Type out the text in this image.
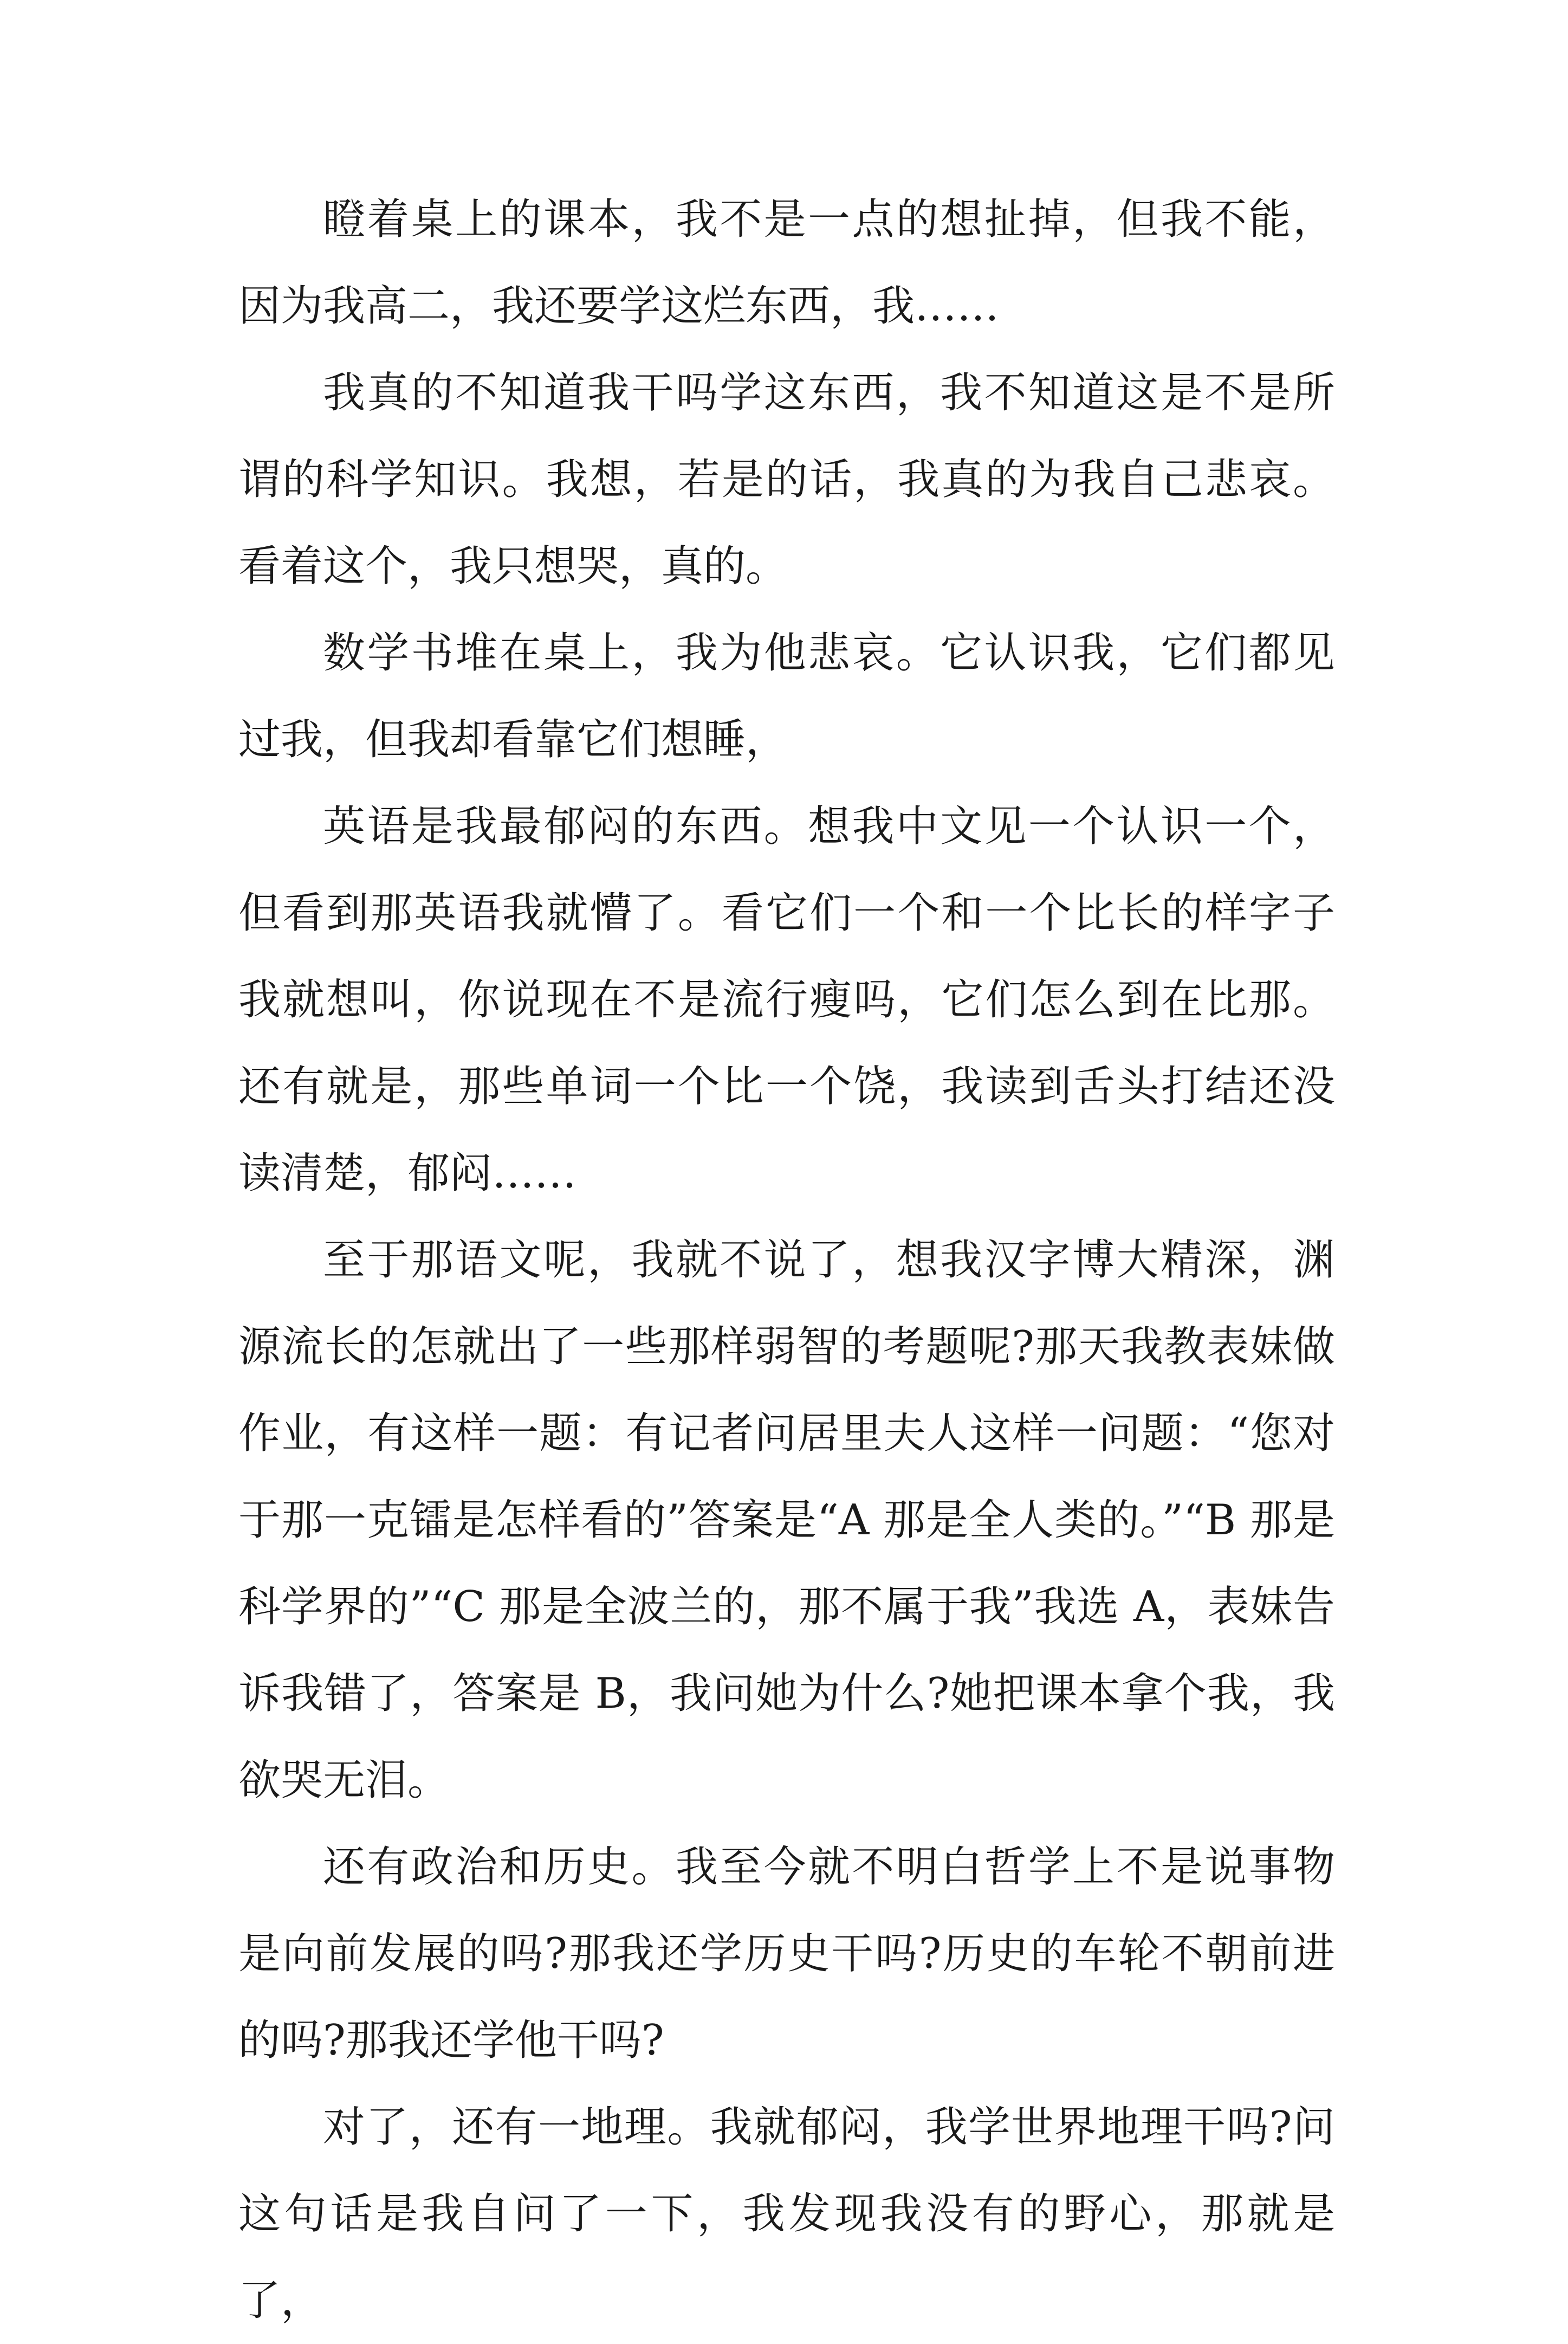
瞪着桌上的课本，我不是一点的想扯掉，但我不能，因为我高二，我还要学这烂东西，我……

我真的不知道我干吗学这东西，我不知道这是不是所谓的科学知识。我想，若是的话，我真的为我自己悲哀。看着这个，我只想哭，真的。

数学书堆在桌上，我为他悲哀。它认识我，它们都见过我，但我却看靠它们想睡，

英语是我最郁闷的东西。想我中文见一个认识一个，但看到那英语我就懵了。看它们一个和一个比长的样字子我就想叫，你说现在不是流行瘦吗，它们怎么到在比那。还有就是，那些单词一个比一个饶，我读到舌头打结还没读清楚，郁闷……

至于那语文呢，我就不说了，想我汉字博大精深，渊源流长的怎就出了一些那样弱智的考题呢?那天我教表妹做作业，有这样一题：有记者问居里夫人这样一问题：“您对于那一克镭是怎样看的”答案是“A 那是全人类的。”“B 那是科学界的”“C 那是全波兰的，那不属于我”我选 A，表妹告诉我错了，答案是 B，我问她为什么?她把课本拿个我，我欲哭无泪。

还有政治和历史。我至今就不明白哲学上不是说事物是向前发展的吗?那我还学历史干吗?历史的车轮不朝前进的吗?那我还学他干吗?

对了，还有一地理。我就郁闷，我学世界地理干吗?问这句话是我自问了一下，我发现我没有的野心，那就是了，
